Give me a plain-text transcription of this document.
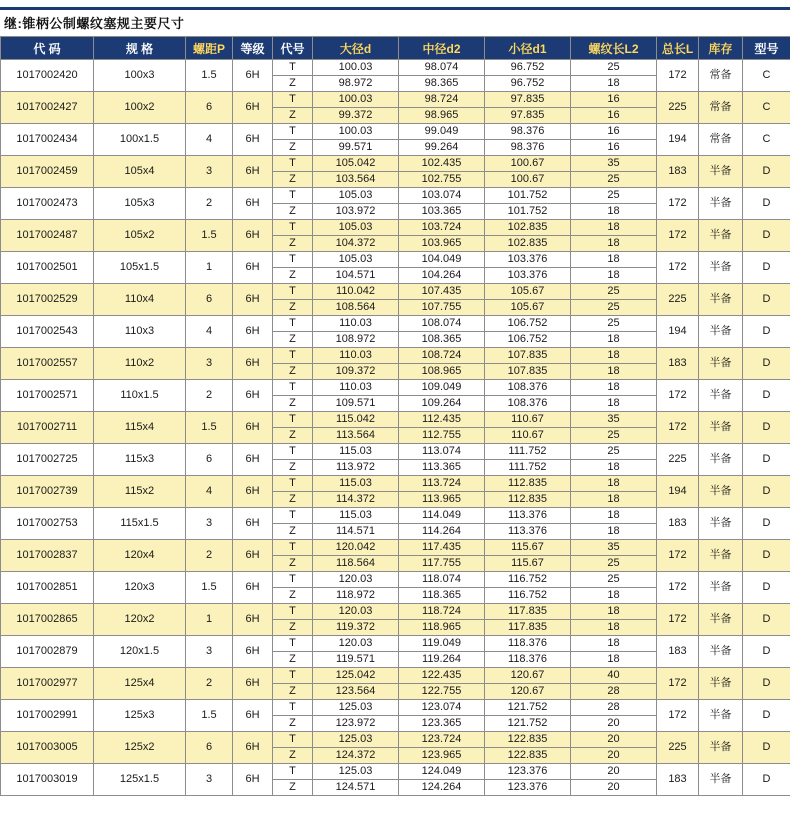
继:锥柄公制螺纹塞规主要尺寸
代 码	规 格	螺距P	等级	代号	大径d	中径d2	小径d1	螺纹长L2	总长L	库存	型号
1017002420	100x3	1.5	6H	T	100.03	98.074	96.752	25	172	常备	C
				Z	98.972	98.365	96.752	18			
1017002427	100x2	6	6H	T	100.03	98.724	97.835	16	225	常备	C
				Z	99.372	98.965	97.835	16			
1017002434	100x1.5	4	6H	T	100.03	99.049	98.376	16	194	常备	C
				Z	99.571	99.264	98.376	16			
1017002459	105x4	3	6H	T	105.042	102.435	100.67	35	183	半备	D
				Z	103.564	102.755	100.67	25			
1017002473	105x3	2	6H	T	105.03	103.074	101.752	25	172	半备	D
				Z	103.972	103.365	101.752	18			
1017002487	105x2	1.5	6H	T	105.03	103.724	102.835	18	172	半备	D
				Z	104.372	103.965	102.835	18			
1017002501	105x1.5	1	6H	T	105.03	104.049	103.376	18	172	半备	D
				Z	104.571	104.264	103.376	18			
1017002529	110x4	6	6H	T	110.042	107.435	105.67	25	225	半备	D
				Z	108.564	107.755	105.67	25			
1017002543	110x3	4	6H	T	110.03	108.074	106.752	25	194	半备	D
				Z	108.972	108.365	106.752	18			
1017002557	110x2	3	6H	T	110.03	108.724	107.835	18	183	半备	D
				Z	109.372	108.965	107.835	18			
1017002571	110x1.5	2	6H	T	110.03	109.049	108.376	18	172	半备	D
				Z	109.571	109.264	108.376	18			
1017002711	115x4	1.5	6H	T	115.042	112.435	110.67	35	172	半备	D
				Z	113.564	112.755	110.67	25			
1017002725	115x3	6	6H	T	115.03	113.074	111.752	25	225	半备	D
				Z	113.972	113.365	111.752	18			
1017002739	115x2	4	6H	T	115.03	113.724	112.835	18	194	半备	D
				Z	114.372	113.965	112.835	18			
1017002753	115x1.5	3	6H	T	115.03	114.049	113.376	18	183	半备	D
				Z	114.571	114.264	113.376	18			
1017002837	120x4	2	6H	T	120.042	117.435	115.67	35	172	半备	D
				Z	118.564	117.755	115.67	25			
1017002851	120x3	1.5	6H	T	120.03	118.074	116.752	25	172	半备	D
				Z	118.972	118.365	116.752	18			
1017002865	120x2	1	6H	T	120.03	118.724	117.835	18	172	半备	D
				Z	119.372	118.965	117.835	18			
1017002879	120x1.5	3	6H	T	120.03	119.049	118.376	18	183	半备	D
				Z	119.571	119.264	118.376	18			
1017002977	125x4	2	6H	T	125.042	122.435	120.67	40	172	半备	D
				Z	123.564	122.755	120.67	28			
1017002991	125x3	1.5	6H	T	125.03	123.074	121.752	28	172	半备	D
				Z	123.972	123.365	121.752	20			
1017003005	125x2	6	6H	T	125.03	123.724	122.835	20	225	半备	D
				Z	124.372	123.965	122.835	20			
1017003019	125x1.5	3	6H	T	125.03	124.049	123.376	20	183	半备	D
				Z	124.571	124.264	123.376	20			
